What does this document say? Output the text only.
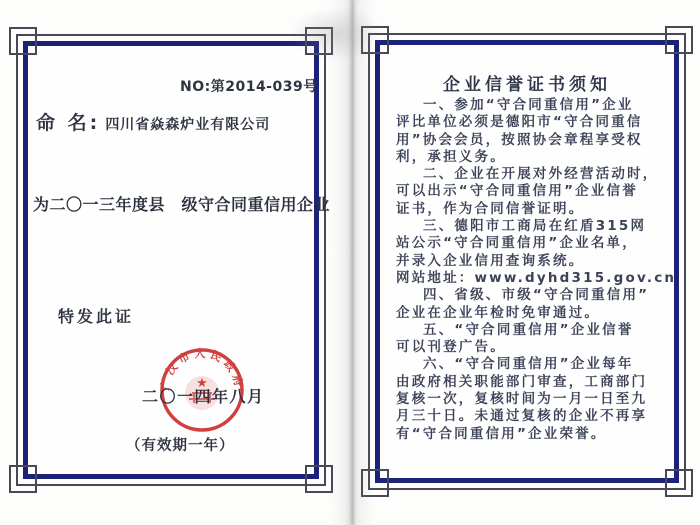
NO:第2014-039号
命 名: 四川省焱森炉业有限公司
为二〇一三年度县　级守合同重信用企业
特发此证
广汉市人民政府
★
二〇一四年八月
（有效期一年）
企业信誉证书须知
一、参加“守合同重信用”企业
评比单位必须是德阳市“守合同重信
用”协会会员，按照协会章程享受权
利，承担义务。
二、企业在开展对外经营活动时，
可以出示“守合同重信用”企业信誉
证书，作为合同信誉证明。
三、德阳市工商局在红盾315网
站公示“守合同重信用”企业名单，
并录入企业信用查询系统。
网站地址：www.dyhd315.gov.cn
四、省级、市级“守合同重信用”
企业在企业年检时免审通过。
五、“守合同重信用”企业信誉
可以刊登广告。
六、“守合同重信用”企业每年
由政府相关职能部门审查，工商部门
复核一次，复核时间为一月一日至九
月三十日。未通过复核的企业不再享
有“守合同重信用”企业荣誉。
